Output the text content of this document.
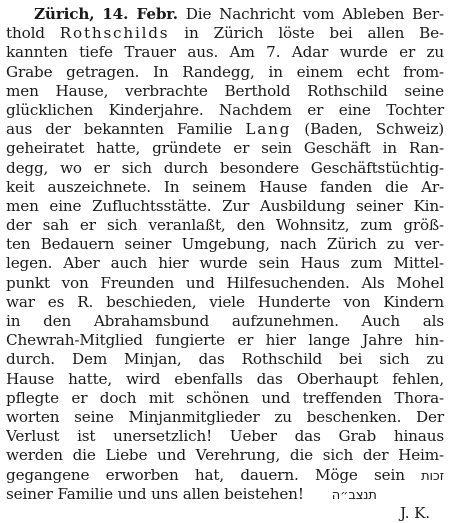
Zürich, 14. Febr. Die Nachricht vom Ableben Ber-
thold Rothschilds in Zürich löste bei allen Be-
kannten tiefe Trauer aus. Am 7. Adar wurde er zu
Grabe getragen. In Randegg, in einem echt from-
men Hause, verbrachte Berthold Rothschild seine
glücklichen Kinderjahre. Nachdem er eine Tochter
aus der bekannten Familie Lang (Baden, Schweiz)
geheiratet hatte, gründete er sein Geschäft in Ran-
degg, wo er sich durch besondere Geschäftstüchtig-
keit auszeichnete. In seinem Hause fanden die Ar-
men eine Zufluchtsstätte. Zur Ausbildung seiner Kin-
der sah er sich veranlaßt, den Wohnsitz, zum größ-
ten Bedauern seiner Umgebung, nach Zürich zu ver-
legen. Aber auch hier wurde sein Haus zum Mittel-
punkt von Freunden und Hilfesuchenden. Als Mohel
war es R. beschieden, viele Hunderte von Kindern
in den Abrahamsbund aufzunehmen. Auch als
Chewrah-Mitglied fungierte er hier lange Jahre hin-
durch. Dem Minjan, das Rothschild bei sich zu
Hause hatte, wird ebenfalls das Oberhaupt fehlen,
pflegte er doch mit schönen und treffenden Thora-
worten seine Minjanmitglieder zu beschenken. Der
Verlust ist unersetzlich! Ueber das Grab hinaus
werden die Liebe und Verehrung, die sich der Heim-
gegangene erworben hat, dauern. Möge sein זכות
seiner Familie und uns allen beistehen! תנצב״ה
J. K.
